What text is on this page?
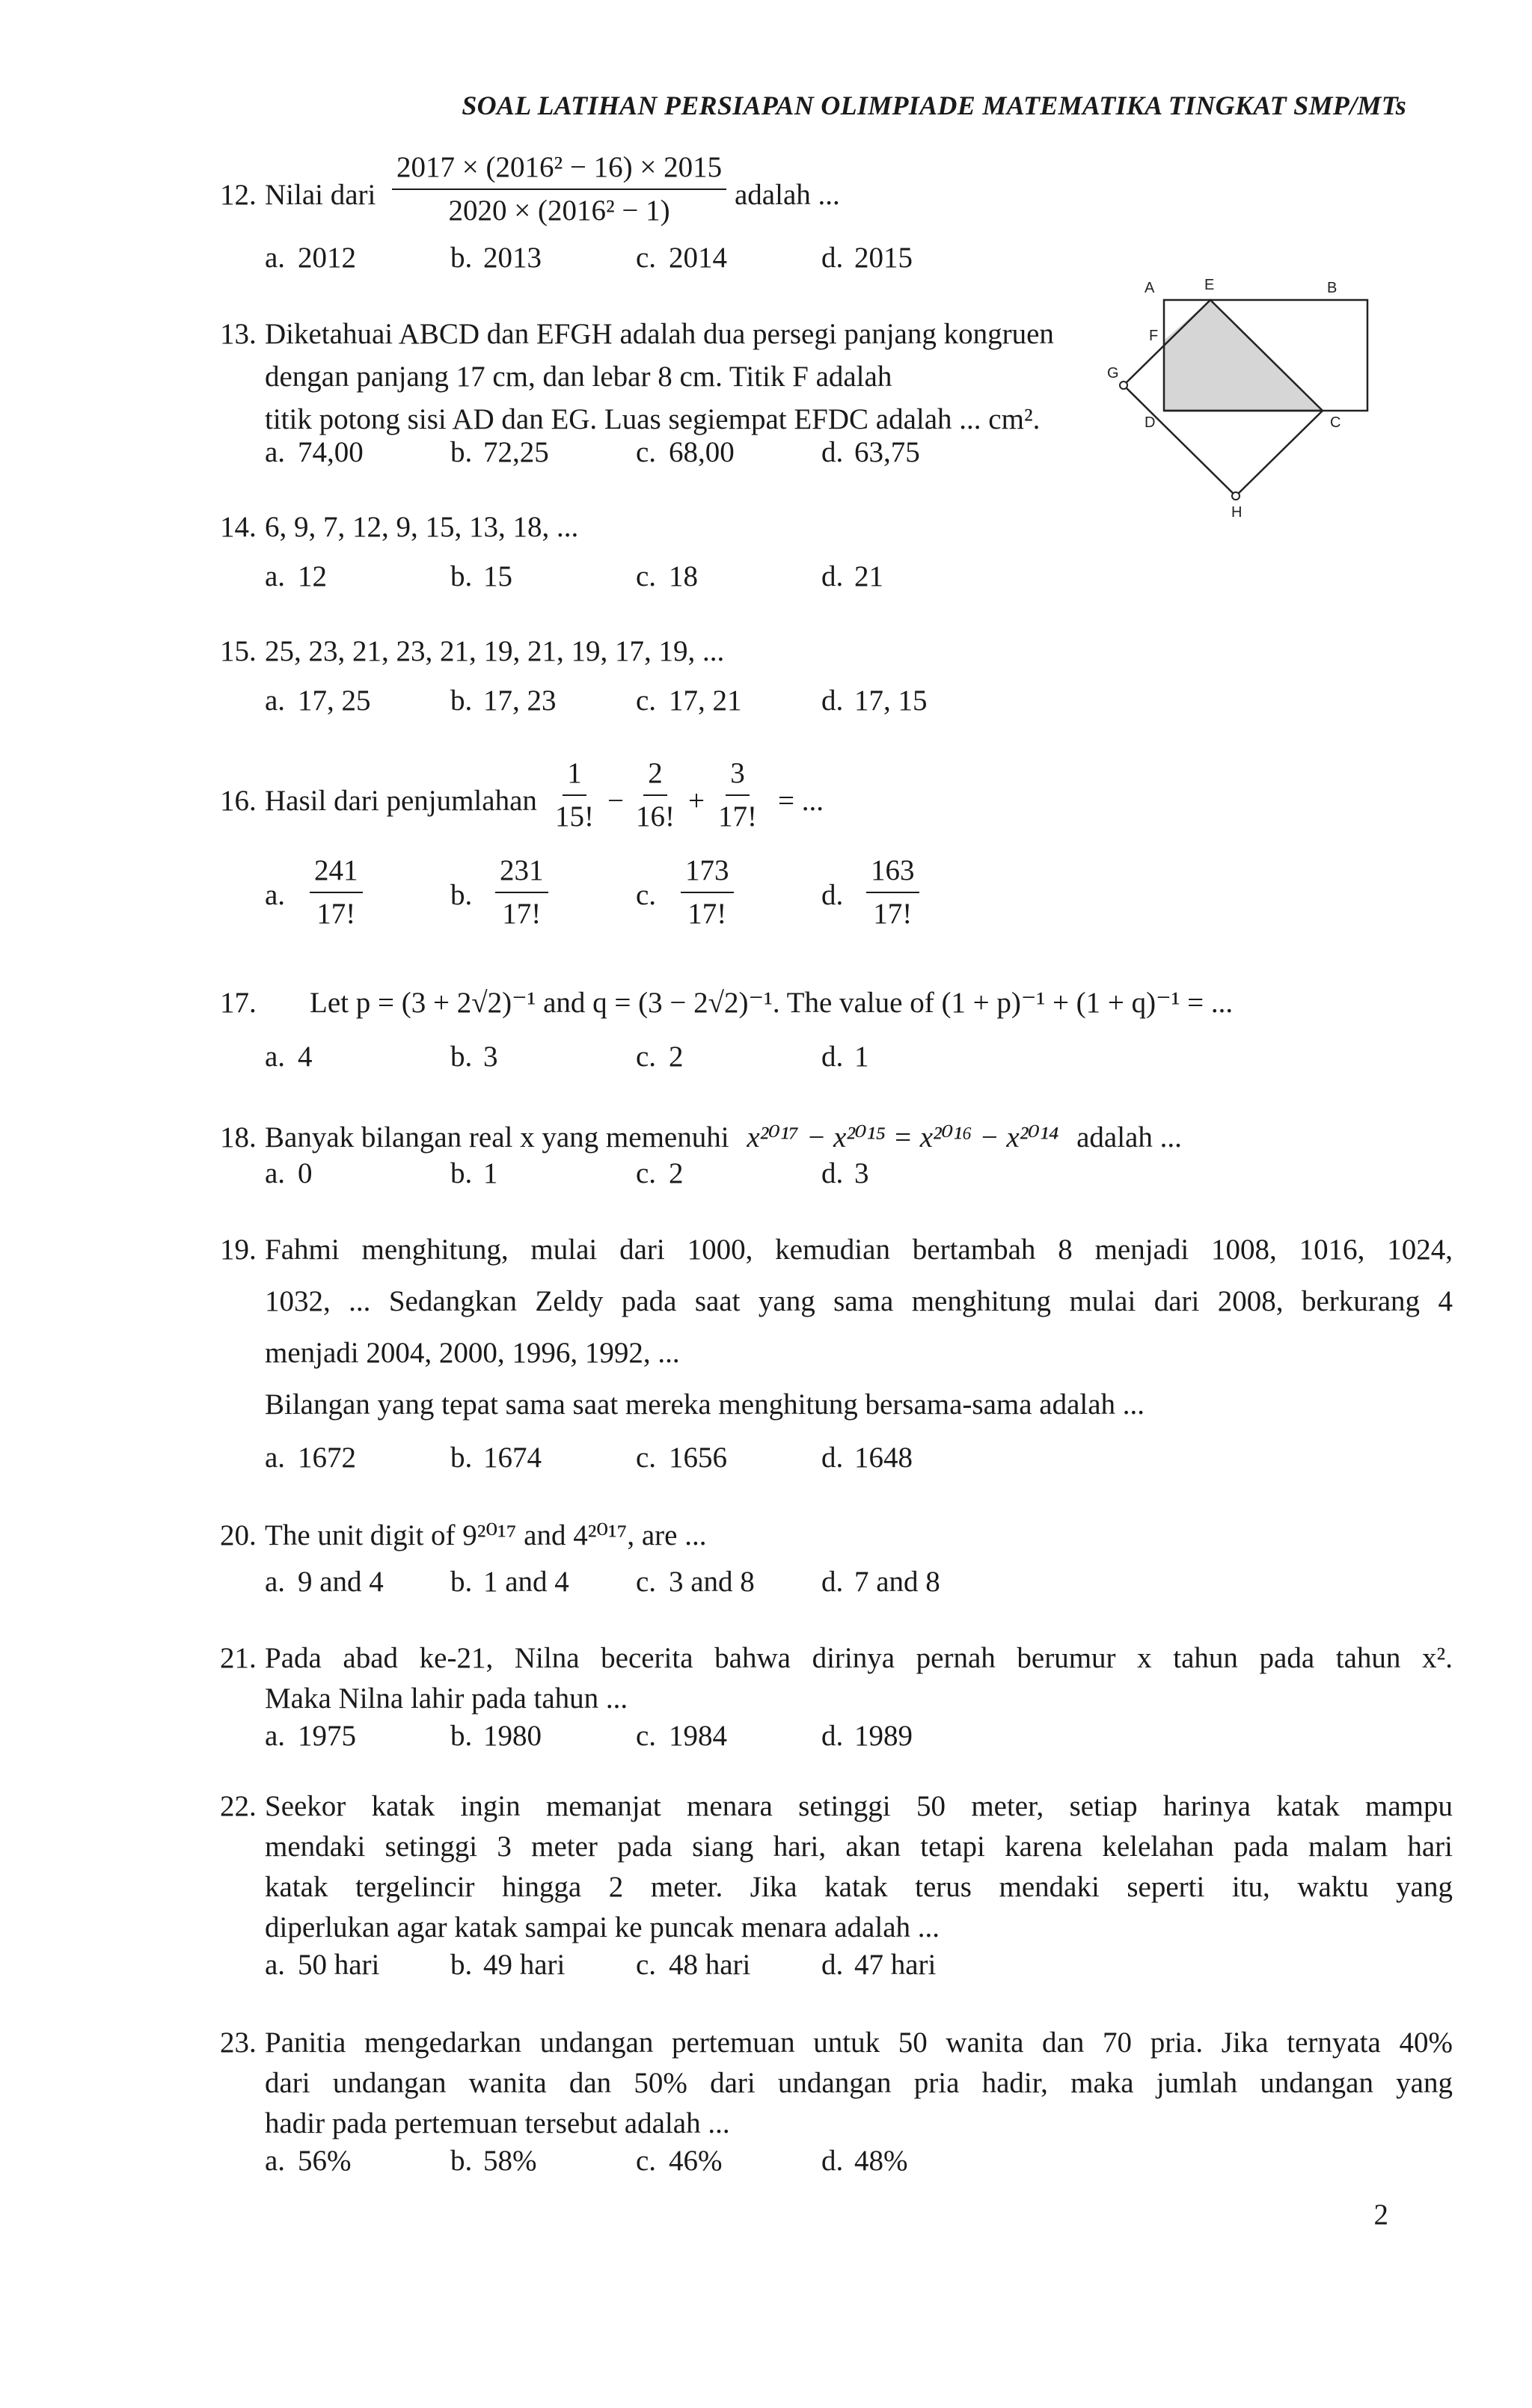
SOAL LATIHAN PERSIAPAN OLIMPIADE MATEMATIKA TINGKAT SMP/MTs
12. Nilai dari $\frac{\text{2017 × (2016² − 16) × 2015}}{\text{2020 × (2016² − 1)}}$ adalah ...
a. 2012	b. 2013	c. 2014	d. 2015
13. Diketahuai ABCD dan EFGH adalah dua persegi panjang kongruen
dengan panjang 17 cm, dan lebar 8 cm. Titik F adalah
titik potong sisi AD dan EG. Luas segiempat EFDC adalah ... cm².
a. 74,00	b. 72,25	c. 68,00	d. 63,75
A	E	B
F
G
D	C
H
14. 6, 9, 7, 12, 9, 15, 13, 18, ...
a. 12	b. 15	c. 18	d. 21
15. 25, 23, 21, 23, 21, 19, 21, 19, 17, 19, ...
a. 17, 25	b. 17, 23	c. 17, 21	d. 17, 15
16. Hasil dari penjumlahan $\frac{1}{15!} - \frac{2}{16!} + \frac{3}{17!}$ = ...
a. $\frac{241}{17!}$	b. $\frac{231}{17!}$	c. $\frac{173}{17!}$	d. $\frac{163}{17!}$
17. Let p = (3 + 2√2)⁻¹ and q = (3 − 2√2)⁻¹. The value of (1 + p)⁻¹ + (1 + q)⁻¹ = ...
a. 4	b. 3	c. 2	d. 1
18. Banyak bilangan real x yang memenuhi x²⁰¹⁷ − x²⁰¹⁵ = x²⁰¹⁶ − x²⁰¹⁴ adalah ...
a. 0	b. 1	c. 2	d. 3
19. Fahmi menghitung, mulai dari 1000, kemudian bertambah 8 menjadi 1008, 1016, 1024,
1032, ... Sedangkan Zeldy pada saat yang sama menghitung mulai dari 2008, berkurang 4
menjadi 2004, 2000, 1996, 1992, ...
Bilangan yang tepat sama saat mereka menghitung bersama-sama adalah ...
a. 1672	b. 1674	c. 1656	d. 1648
20. The unit digit of 9²⁰¹⁷ and 4²⁰¹⁷, are ...
a. 9 and 4 b. 1 and 4 c. 3 and 8 d. 7 and 8
21. Pada abad ke-21, Nilna becerita bahwa dirinya pernah berumur x tahun pada tahun x².
Maka Nilna lahir pada tahun ...
a. 1975	b. 1980	c. 1984	d. 1989
22. Seekor katak ingin memanjat menara setinggi 50 meter, setiap harinya katak mampu
mendaki setinggi 3 meter pada siang hari, akan tetapi karena kelelahan pada malam hari
katak tergelincir hingga 2 meter. Jika katak terus mendaki seperti itu, waktu yang
diperlukan agar katak sampai ke puncak menara adalah ...
a. 50 hari b. 49 hari c. 48 hari d. 47 hari
23. Panitia mengedarkan undangan pertemuan untuk 50 wanita dan 70 pria. Jika ternyata 40%
dari undangan wanita dan 50% dari undangan pria hadir, maka jumlah undangan yang
hadir pada pertemuan tersebut adalah ...
a. 56%	b. 58%	c. 46%	d. 48%
2
